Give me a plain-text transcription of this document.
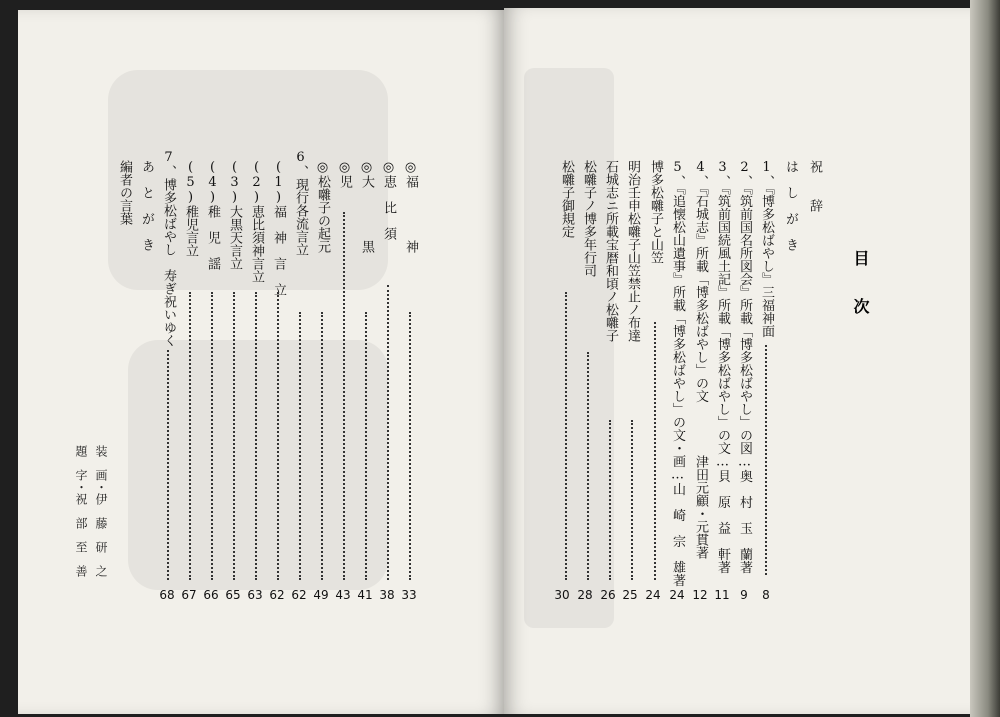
目　　次
祝　　辞
は　し　が　き
1、『博多松ばやし』三福神面
8
2、『筑前国名所図会』所載「博多松ばやし」の図…奥　村　玉　蘭著
9
3、『筑前国続風土記』所載「博多松ばやし」の文…貝　原　益　軒著
11
4、『石城志』所載「博多松ばやし」の文
津田元顧・元貫著
12
5、『追懐松山遺事』所載「博多松ばやし」の文・画…山　崎　宗　雄著
24
博多松囃子と山笠
24
明治壬申松囃子山笠禁止ノ布達
25
石城志ニ所載宝暦和頃ノ松囃子
26
松囃子ノ博多年行司
28
松囃子御規定
30
◎福　　　　神
33
◎恵　比　須
38
◎大　　　　黒
41
◎児
43
◎松囃子の起元
49
6、現行各流言立
62
(1)福　神　言　立
62
(2)恵比須神言立
63
(3)大黒天言立
65
(4)稚　児　謡
66
(5)稚児言立
67
7、博多松ばやし　寿ぎ祝いゆく
68
あ　と　が　き
編者の言葉
装　画・伊　藤　研　之
題　字・祝　部　至　善
